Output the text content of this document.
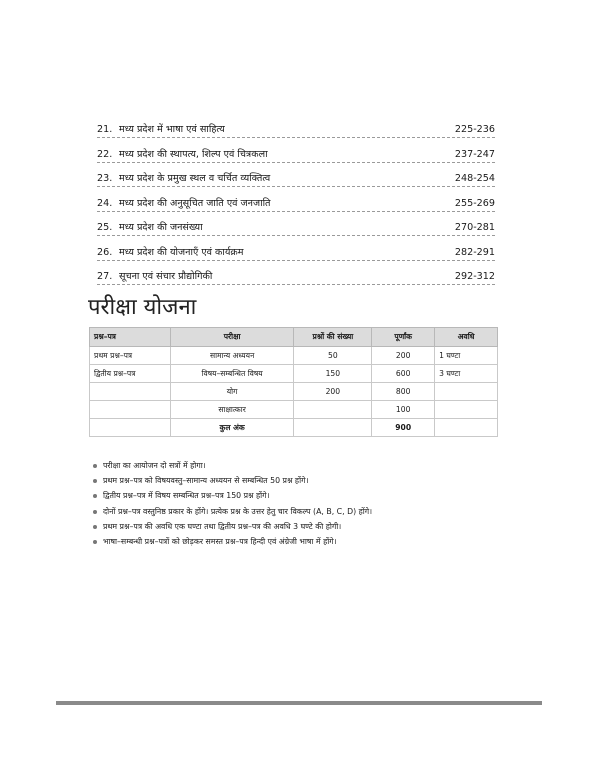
21. मध्य प्रदेश में भाषा एवं साहित्य	225-236
22. मध्य प्रदेश की स्थापत्य, शिल्प एवं चित्रकला	237-247
23. मध्य प्रदेश के प्रमुख स्थल व चर्चित व्यक्तित्व	248-254
24. मध्य प्रदेश की अनुसूचित जाति एवं जनजाति	255-269
25. मध्य प्रदेश की जनसंख्या	270-281
26. मध्य प्रदेश की योजनाएँ एवं कार्यक्रम	282-291
27. सूचना एवं संचार प्रौद्योगिकी	292-312
परीक्षा योजना
प्रश्न–पत्र	परीक्षा	प्रश्नों की संख्या	पूर्णांक	अवधि
प्रथम प्रश्न–पत्र	सामान्य अध्ययन	50	200	1 घण्टा
द्वितीय प्रश्न–पत्र	विषय–सम्बन्धित विषय	150	600	3 घण्टा
	योग	200	800	
	साक्षात्कार		100	
	कुल अंक		900	
परीक्षा का आयोजन दो सत्रों में होगा।
प्रथम प्रश्न–पत्र को विषयवस्तु–सामान्य अध्ययन से सम्बन्धित 50 प्रश्न होंगे।
द्वितीय प्रश्न–पत्र में विषय सम्बन्धित प्रश्न–पत्र 150 प्रश्न होंगे।
दोनों प्रश्न–पत्र वस्तुनिष्ठ प्रकार के होंगे। प्रत्येक प्रश्न के उत्तर हेतु चार विकल्प (A, B, C, D) होंगे।
प्रथम प्रश्न–पत्र की अवधि एक घण्टा तथा द्वितीय प्रश्न–पत्र की अवधि 3 घण्टे की होगी।
भाषा–सम्बन्धी प्रश्न–पत्रों को छोड़कर समस्त प्रश्न–पत्र हिन्दी एवं अंग्रेजी भाषा में होंगे।
